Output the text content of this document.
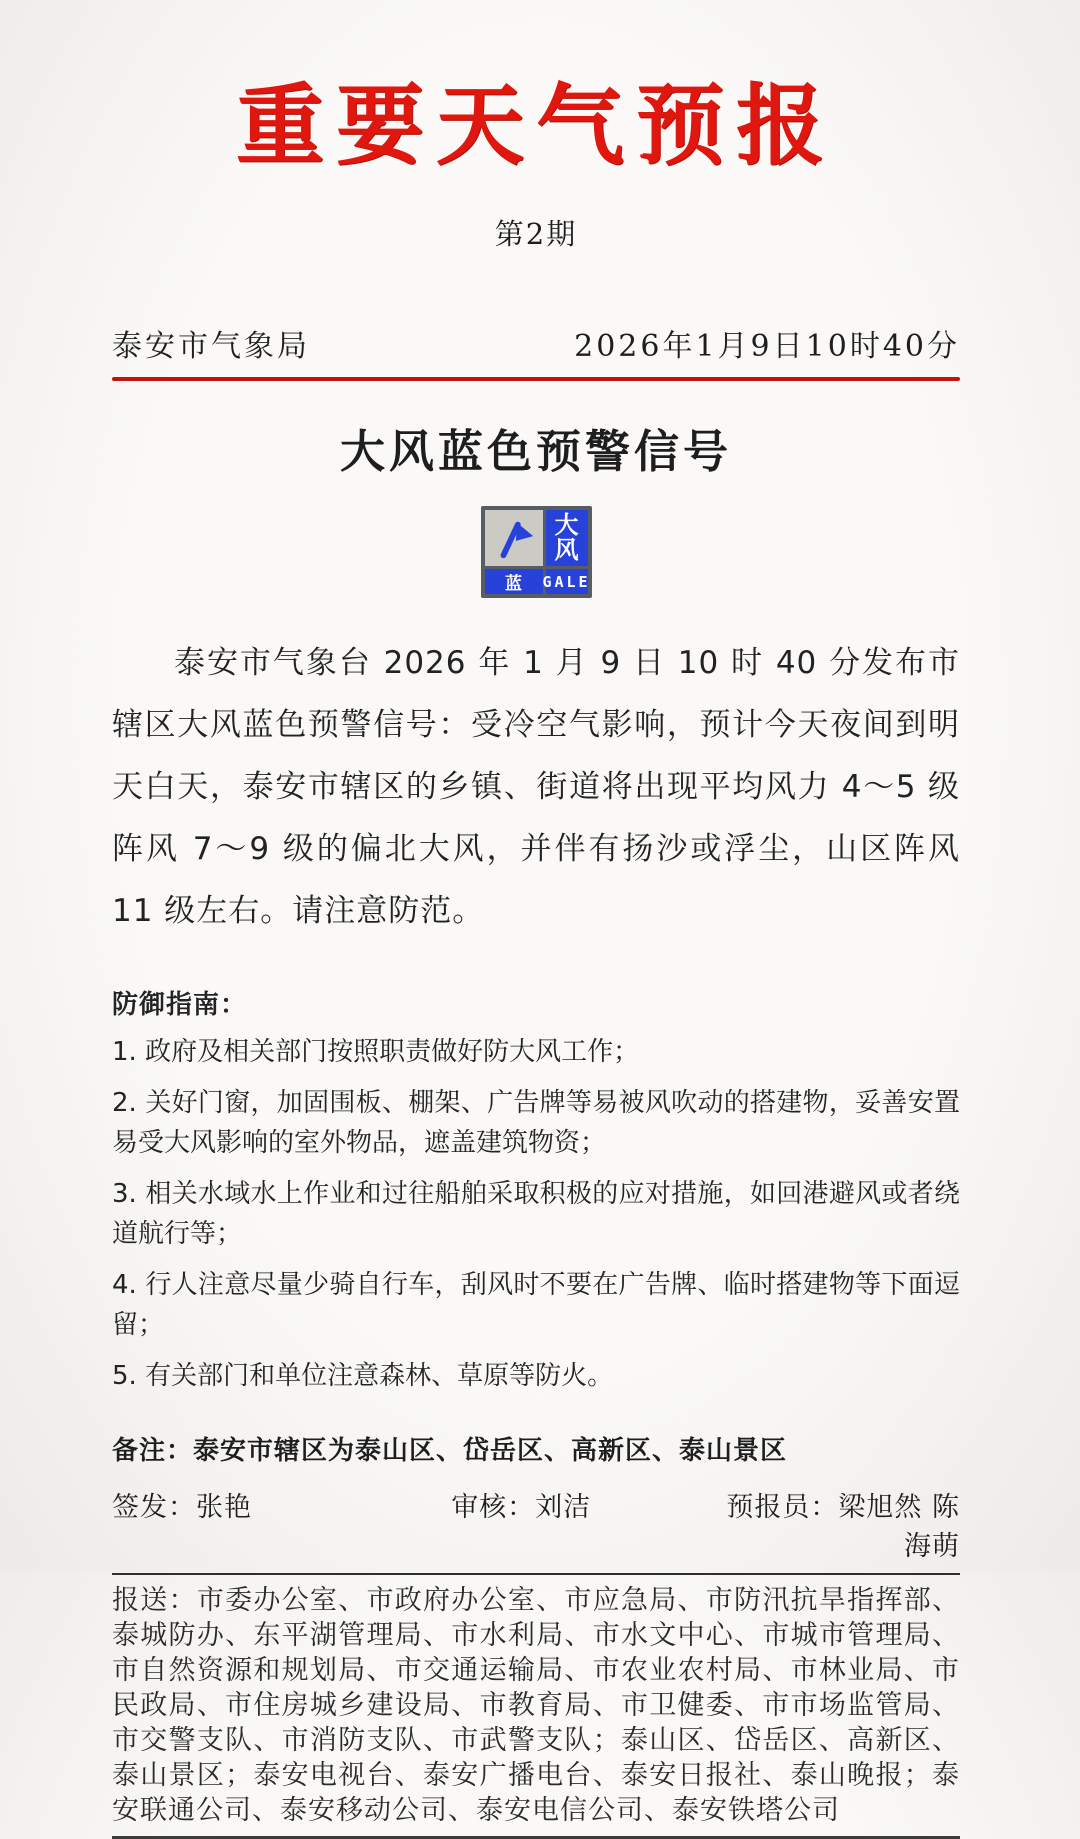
重要天气预报
第2期
泰安市气象局	2026年1月9日10时40分
大风蓝色预警信号
大风
蓝	GALE

泰安市气象台 2026 年 1 月 9 日 10 时 40 分发布市辖区大风蓝色预警信号：受冷空气影响，预计今天夜间到明天白天，泰安市辖区的乡镇、街道将出现平均风力 4～5 级阵风 7～9 级的偏北大风，并伴有扬沙或浮尘，山区阵风 11 级左右。请注意防范。

防御指南：
1. 政府及相关部门按照职责做好防大风工作；
2. 关好门窗，加固围板、棚架、广告牌等易被风吹动的搭建物，妥善安置易受大风影响的室外物品，遮盖建筑物资；
3. 相关水域水上作业和过往船舶采取积极的应对措施，如回港避风或者绕道航行等；
4. 行人注意尽量少骑自行车，刮风时不要在广告牌、临时搭建物等下面逗留；
5. 有关部门和单位注意森林、草原等防火。
备注：泰安市辖区为泰山区、岱岳区、高新区、泰山景区
签发：张艳	审核：刘洁	预报员：梁旭然 陈海萌
报送：市委办公室、市政府办公室、市应急局、市防汛抗旱指挥部、泰城防办、东平湖管理局、市水利局、市水文中心、市城市管理局、市自然资源和规划局、市交通运输局、市农业农村局、市林业局、市民政局、市住房城乡建设局、市教育局、市卫健委、市市场监管局、市交警支队、市消防支队、市武警支队；泰山区、岱岳区、高新区、泰山景区；泰安电视台、泰安广播电台、泰安日报社、泰山晚报；泰安联通公司、泰安移动公司、泰安电信公司、泰安铁塔公司
